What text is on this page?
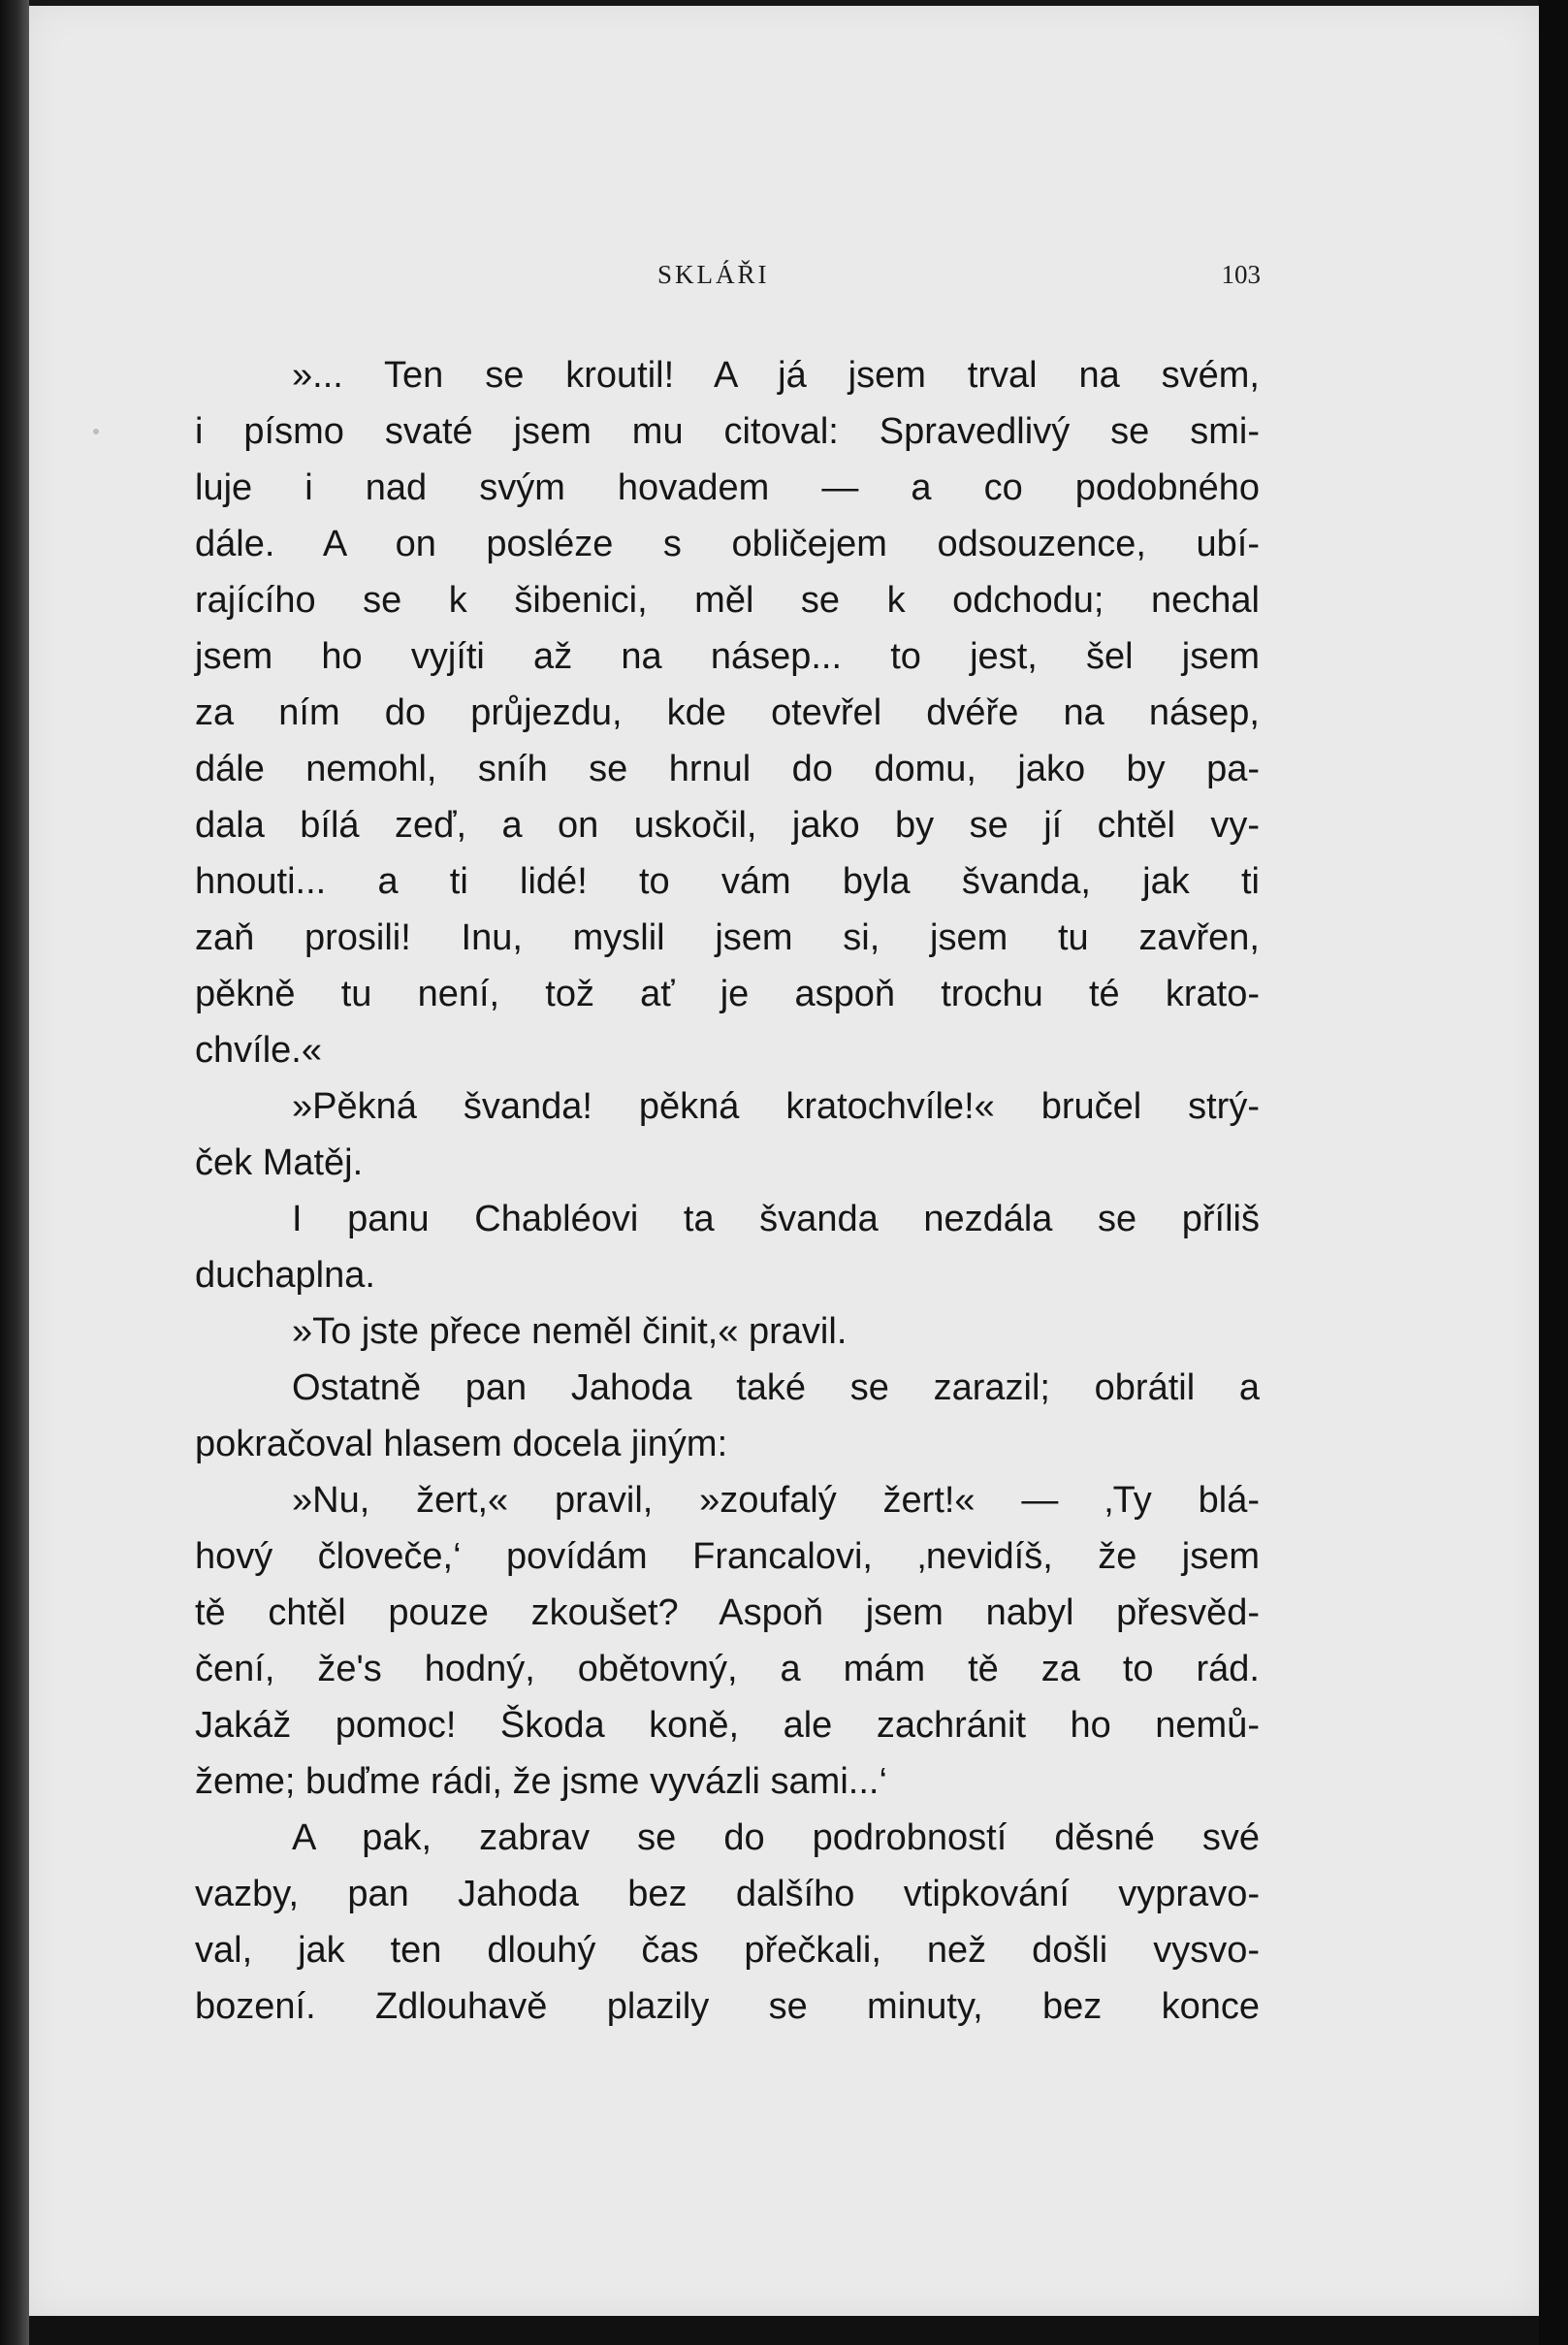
SKLÁŘI	103
»... Ten se kroutil! A já jsem trval na svém,
i písmo svaté jsem mu citoval: Spravedlivý se smi-
luje i nad svým hovadem — a co podobného
dále. A on posléze s obličejem odsouzence, ubí-
rajícího se k šibenici, měl se k odchodu; nechal
jsem ho vyjíti až na násep... to jest, šel jsem
za ním do průjezdu, kde otevřel dvéře na násep,
dále nemohl, sníh se hrnul do domu, jako by pa-
dala bílá zeď, a on uskočil, jako by se jí chtěl vy-
hnouti... a ti lidé! to vám byla švanda, jak ti
zaň prosili! Inu, myslil jsem si, jsem tu zavřen,
pěkně tu není, tož ať je aspoň trochu té krato-
chvíle.«
»Pěkná švanda! pěkná kratochvíle!« bručel strý-
ček Matěj.
I panu Chabléovi ta švanda nezdála se příliš
duchaplna.
»To jste přece neměl činit,« pravil.
Ostatně pan Jahoda také se zarazil; obrátil a
pokračoval hlasem docela jiným:
»Nu, žert,« pravil, »zoufalý žert!« — ‚Ty blá-
hový človeče,‘ povídám Francalovi, ‚nevidíš, že jsem
tě chtěl pouze zkoušet? Aspoň jsem nabyl přesvěd-
čení, že's hodný, obětovný, a mám tě za to rád.
Jakáž pomoc! Škoda koně, ale zachránit ho nemů-
žeme; buďme rádi, že jsme vyvázli sami...‘
A pak, zabrav se do podrobností děsné své
vazby, pan Jahoda bez dalšího vtipkování vypravo-
val, jak ten dlouhý čas přečkali, než došli vysvo-
bození. Zdlouhavě plazily se minuty, bez konce
